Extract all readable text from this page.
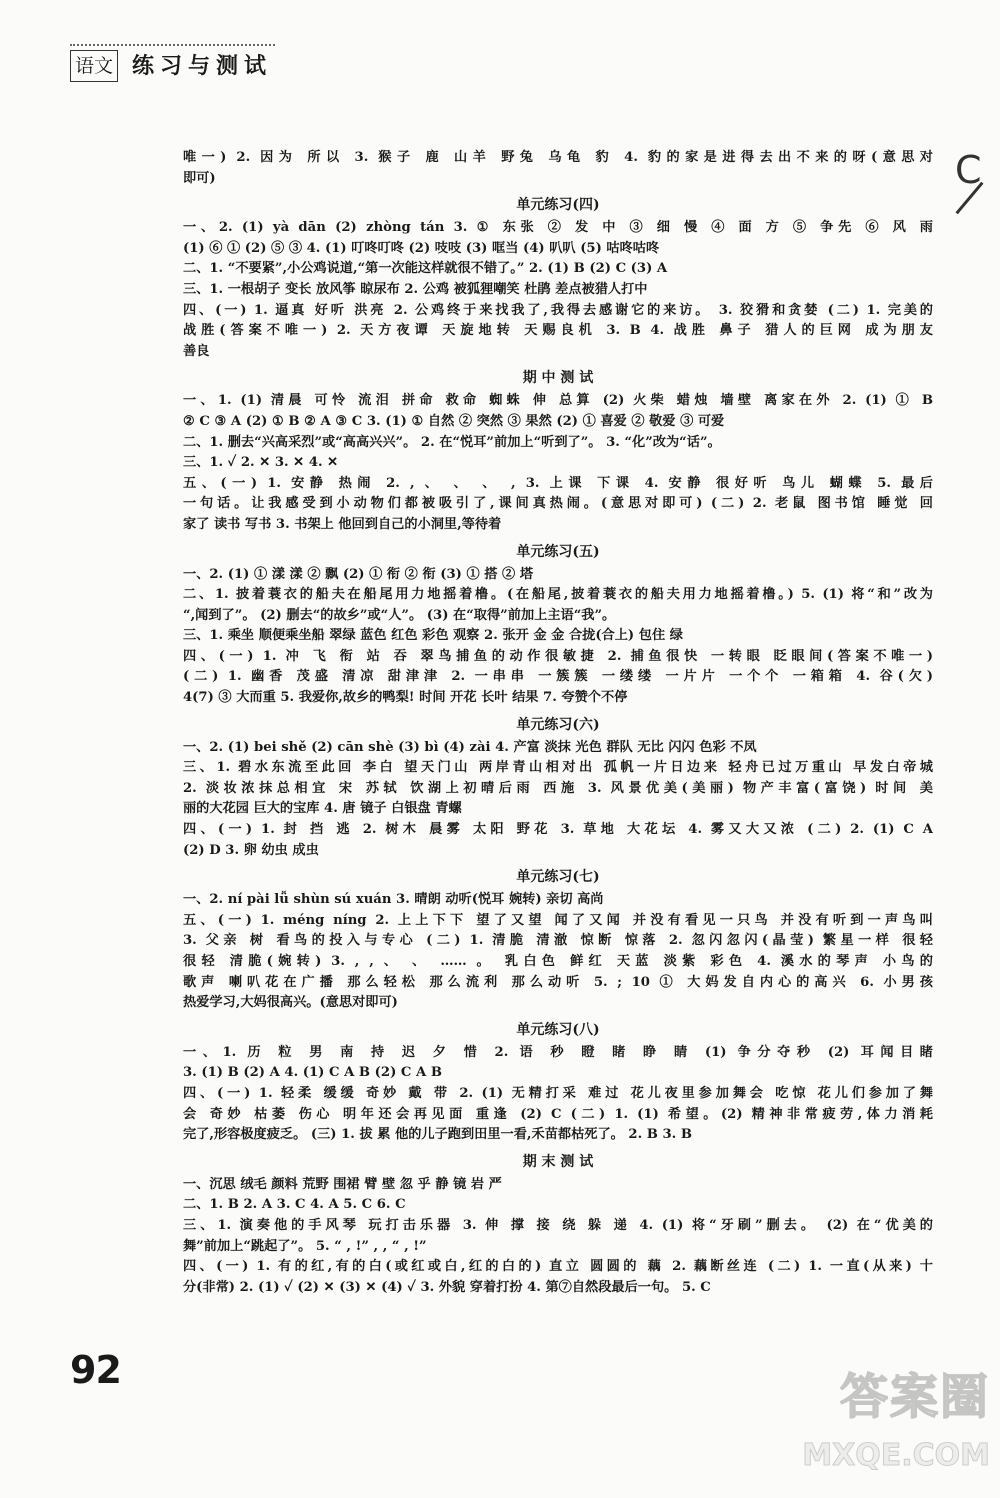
语文 练习与测试
C
唯一) 2. 因为 所以 3. 猴子 鹿 山羊 野兔 乌龟 豹 4. 豹的家是进得去出不来的呀(意思对
即可)
单元练习(四)
一、2. (1) yà dān (2) zhòng tán 3. ① 东张 ② 发 中 ③ 细 慢 ④ 面 方 ⑤ 争先 ⑥ 风 雨
(1) ⑥ ① (2) ⑤ ③ 4. (1) 叮咚叮咚 (2) 吱吱 (3) 哐当 (4) 叭叭 (5) 咕咚咕咚
二、1. “不要紧”,小公鸡说道,“第一次能这样就很不错了。” 2. (1) B (2) C (3) A
三、1. 一根胡子 变长 放风筝 晾尿布 2. 公鸡 被狐狸嘲笑 杜鹃 差点被猎人打中
四、(一) 1. 逼真 好听 洪亮 2. 公鸡终于来找我了,我得去感谢它的来访。 3. 狡猾和贪婪 (二) 1. 完美的
战胜(答案不唯一) 2. 天方夜谭 天旋地转 天赐良机 3. B 4. 战胜 鼻子 猎人的巨网 成为朋友
善良
期 中 测 试
一、1. (1) 清晨 可怜 流泪 拼命 救命 蜘蛛 伸 总算 (2) 火柴 蜡烛 墙壁 离家在外 2. (1) ① B
② C ③ A (2) ① B ② A ③ C 3. (1) ① 自然 ② 突然 ③ 果然 (2) ① 喜爱 ② 敬爱 ③ 可爱
二、1. 删去“兴高采烈”或“高高兴兴”。 2. 在“悦耳”前加上“听到了”。 3. “化”改为“话”。
三、1. ✓ 2. ✕ 3. ✕ 4. ✕
五、(一) 1. 安静 热闹 2. , 、 、 、 , 3. 上课 下课 4. 安静 很好听 鸟儿 蝴蝶 5. 最后
一句话。让我感受到小动物们都被吸引了,课间真热闹。(意思对即可) (二) 2. 老鼠 图书馆 睡觉 回
家了 读书 写书 3. 书架上 他回到自己的小洞里,等待着
单元练习(五)
一、2. (1) ① 漾 漾 ② 飘 (2) ① 衔 ② 衔 (3) ① 搭 ② 塔
二、1. 披着蓑衣的船夫在船尾用力地摇着橹。(在船尾,披着蓑衣的船夫用力地摇着橹。) 5. (1) 将“和”改为
“,闻到了”。 (2) 删去“的故乡”或“人”。 (3) 在“取得”前加上主语“我”。
三、1. 乘坐 顺便乘坐船 翠绿 蓝色 红色 彩色 观察 2. 张开 金 金 合拢(合上) 包住 绿
四、(一) 1. 冲 飞 衔 站 吞 翠鸟捕鱼的动作很敏捷 2. 捕鱼很快 一转眼 眨眼间(答案不唯一)
(二) 1. 幽香 茂盛 清凉 甜津津 2. 一串串 一簇簇 一缕缕 一片片 一个个 一箱箱 4. 谷(欠)
4(7) ③ 大而重 5. 我爱你,故乡的鸭梨! 时间 开花 长叶 结果 7. 夸赞个不停
单元练习(六)
一、2. (1) bei shě (2) cān shè (3) bì (4) zài 4. 产富 淡抹 光色 群队 无比 闪闪 色彩 不凤
三、1. 碧水东流至此回 李白 望天门山 两岸青山相对出 孤帆一片日边来 轻舟已过万重山 早发白帝城
2. 淡妆浓抹总相宜 宋 苏轼 饮湖上初晴后雨 西施 3. 风景优美(美丽) 物产丰富(富饶) 时间 美
丽的大花园 巨大的宝库 4. 唐 镜子 白银盘 青螺
四、(一) 1. 封 挡 逃 2. 树木 晨雾 太阳 野花 3. 草地 大花坛 4. 雾又大又浓 (二) 2. (1) C A
(2) D 3. 卵 幼虫 成虫
单元练习(七)
一、2. ní pài lǚ shùn sú xuán 3. 晴朗 动听(悦耳 婉转) 亲切 高尚
五、(一) 1. méng níng 2. 上上下下 望了又望 闻了又闻 并没有看见一只鸟 并没有听到一声鸟叫
3. 父亲 树 看鸟的投入与专心 (二) 1. 清脆 清澈 惊断 惊落 2. 忽闪忽闪(晶莹) 繁星一样 很轻
很轻 清脆(婉转) 3. , , 、 、 …… 。 乳白色 鲜红 天蓝 淡紫 彩色 4. 溪水的琴声 小鸟的
歌声 喇叭花在广播 那么轻松 那么流利 那么动听 5. ; 10 ① 大妈发自内心的高兴 6. 小男孩
热爱学习,大妈很高兴。(意思对即可)
单元练习(八)
一、1. 历 粒 男 南 持 迟 夕 惜 2. 语 秒 瞪 睹 睁 睛 (1) 争分夺秒 (2) 耳闻目睹
3. (1) B (2) A 4. (1) C A B (2) C A B
四、(一) 1. 轻柔 缓缓 奇妙 戴 带 2. (1) 无精打采 难过 花儿夜里参加舞会 吃惊 花儿们参加了舞
会 奇妙 枯萎 伤心 明年还会再见面 重逢 (2) C (二) 1. (1) 希望。(2) 精神非常疲劳,体力消耗
完了,形容极度疲乏。 (三) 1. 拔 累 他的儿子跑到田里一看,禾苗都枯死了。 2. B 3. B
期 末 测 试
一、沉思 绒毛 颜料 荒野 围裙 臂 壁 忽 乎 静 镜 岩 严
二、1. B 2. A 3. C 4. A 5. C 6. C
三、1. 演奏他的手风琴 玩打击乐器 3. 伸 撑 接 绕 躲 递 4. (1) 将“牙刷”删去。 (2) 在“优美的
舞”前加上“跳起了”。 5. “ , !” , , “ , !”
四、(一) 1. 有的红,有的白(或红或白,红的白的) 直立 圆圆的 藕 2. 藕断丝连 (二) 1. 一直(从来) 十
分(非常) 2. (1) ✓ (2) ✕ (3) ✕ (4) ✓ 3. 外貌 穿着打扮 4. 第⑦自然段最后一句。 5. C
92	答案圈
MXQE.COM
